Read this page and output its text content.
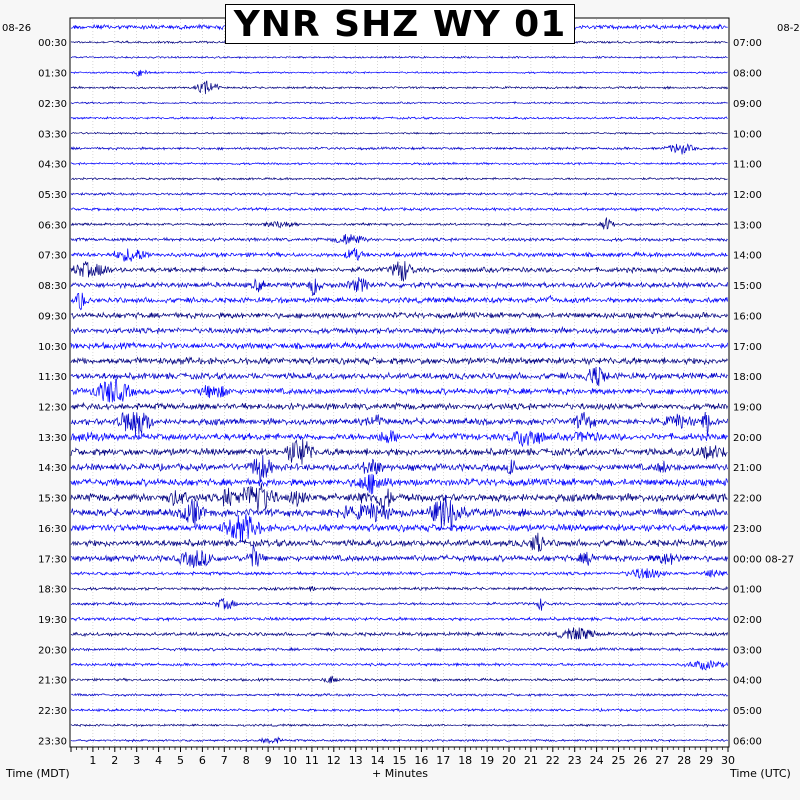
08-26	08-2
00:30
01:30
02:30
03:30
04:30
05:30
06:30
07:30
08:30
09:30
10:30
11:30
12:30
13:30
14:30
15:30
16:30
17:30
18:30
19:30
20:30
21:30
22:30
23:30
07:00
08:00
09:00
10:00
11:00
12:00
13:00
14:00
15:00
16:00
17:00
18:00
19:00
20:00
21:00
22:00
23:00
00:00 08-27
01:00
02:00
03:00
04:00
05:00
06:00
1 2 3 4 5 6 7 8 9 10 11 12 13 14 15 16 17 18 19 20 21 22 23 24 25 26 27 28 29 30
Time (MDT)	+ Minutes	Time (UTC)
YNR SHZ WY 01
